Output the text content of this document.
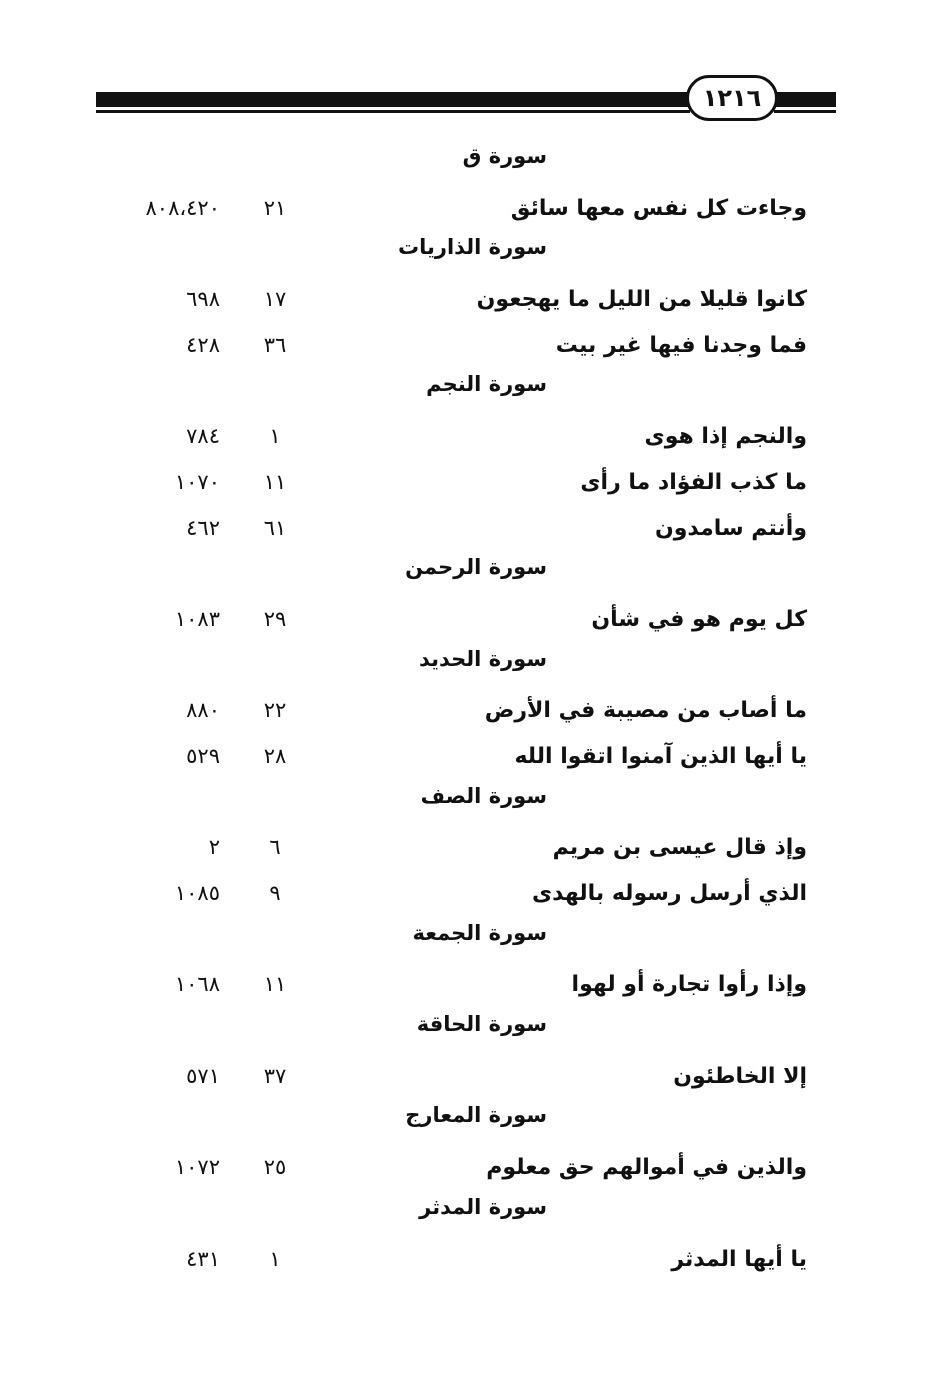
١٢١٦
سورة ق
وجاءت كل نفس معها سائق
٢١
٨٠٨،٤٢٠
سورة الذاريات
كانوا قليلا من الليل ما يهجعون
١٧
٦٩٨
فما وجدنا فيها غير بيت
٣٦
٤٢٨
سورة النجم
والنجم إذا هوى
١
٧٨٤
ما كذب الفؤاد ما رأى
١١
١٠٧٠
وأنتم سامدون
٦١
٤٦٢
سورة الرحمن
كل يوم هو في شأن
٢٩
١٠٨٣
سورة الحديد
ما أصاب من مصيبة في الأرض
٢٢
٨٨٠
يا أيها الذين آمنوا اتقوا الله
٢٨
٥٢٩
سورة الصف
وإذ قال عيسى بن مريم
٦
٢
الذي أرسل رسوله بالهدى
٩
١٠٨٥
سورة الجمعة
وإذا رأوا تجارة أو لهوا
١١
١٠٦٨
سورة الحاقة
إلا الخاطئون
٣٧
٥٧١
سورة المعارج
والذين في أموالهم حق معلوم
٢٥
١٠٧٢
سورة المدثر
يا أيها المدثر
١
٤٣١
